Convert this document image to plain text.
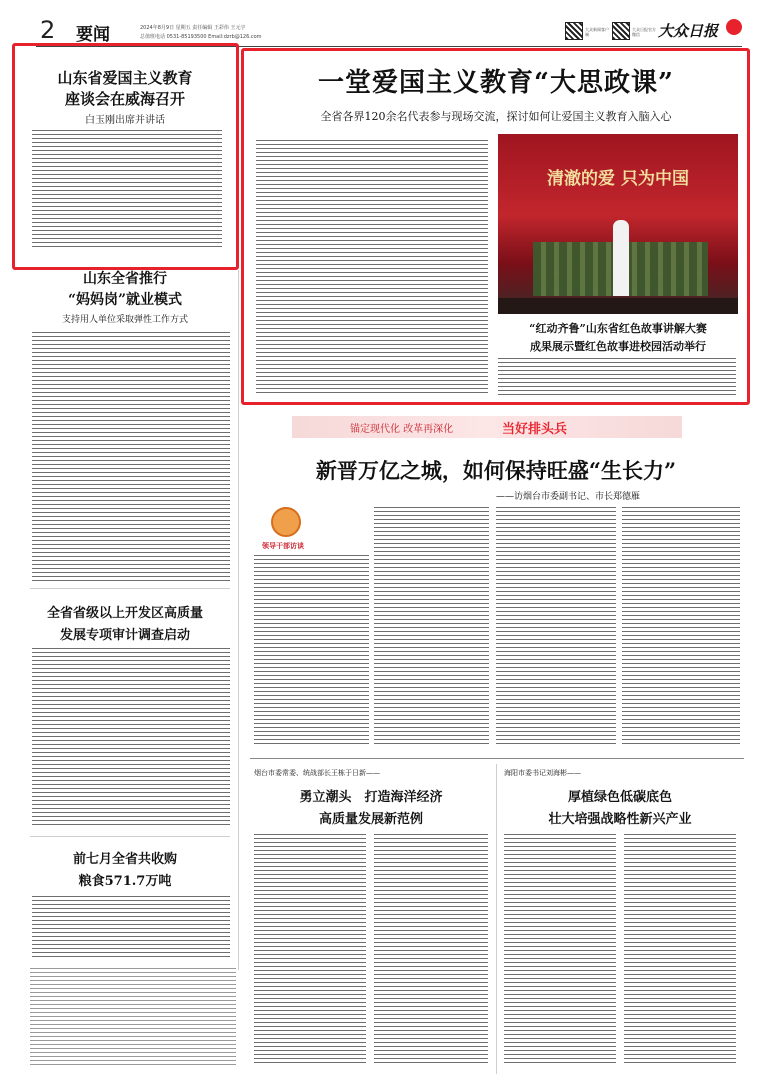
2 要闻	2024年8月9日 星期五 责任编辑 王彩伟 王元宇
总值班电话 0531-85193500 Email:dzrb@126.com
大众新闻客户端
大众日报官方微信	大众日报
山东省爱国主义教育
座谈会在威海召开
白玉刚出席并讲话
山东全省推行
“妈妈岗”就业模式
支持用人单位采取弹性工作方式
全省省级以上开发区高质量
发展专项审计调查启动
前七月全省共收购
粮食571.7万吨
一堂爱国主义教育“大思政课”
全省各界120余名代表参与现场交流，探讨如何让爱国主义教育入脑入心
清澈的爱 只为中国
“红动齐鲁”山东省红色故事讲解大赛
成果展示暨红色故事进校园活动举行
锚定现代化 改革再深化	当好排头兵
新晋万亿之城，如何保持旺盛“生长力”
——访烟台市委副书记、市长郑德雁
领导干部访谈
烟台市委常委、统战部长王栋于日新——
勇立潮头　打造海洋经济
高质量发展新范例
海阳市委书记刘海彬——
厚植绿色低碳底色
壮大培强战略性新兴产业
